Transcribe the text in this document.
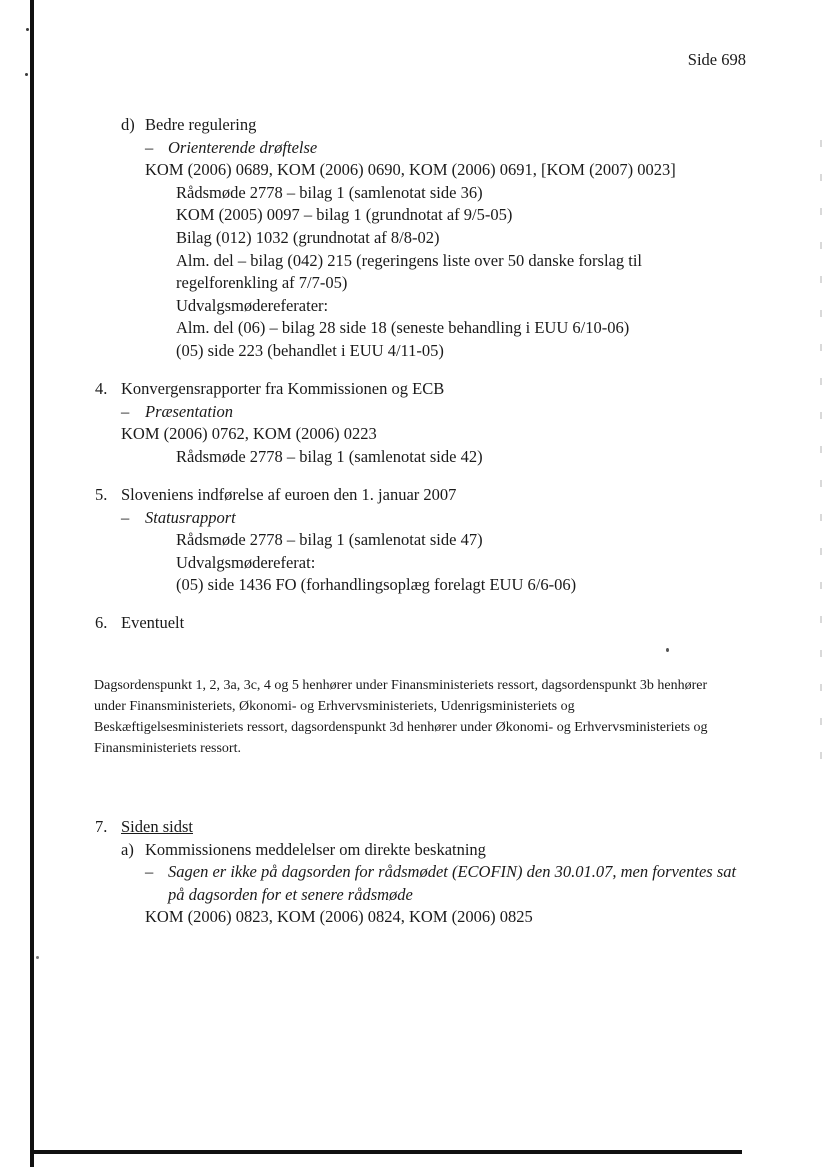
Side 698
d) Bedre regulering
– Orienterende drøftelse
KOM (2006) 0689, KOM (2006) 0690, KOM (2006) 0691, [KOM (2007) 0023]
Rådsmøde 2778 – bilag 1 (samlenotat side 36)
KOM (2005) 0097 – bilag 1 (grundnotat af 9/5-05)
Bilag (012) 1032 (grundnotat af 8/8-02)
Alm. del – bilag (042) 215 (regeringens liste over 50 danske forslag til regelforenkling af 7/7-05)
Udvalgsmødereferater:
Alm. del (06) – bilag 28 side 18 (seneste behandling i EUU 6/10-06)
(05) side 223 (behandlet i EUU 4/11-05)
4. Konvergensrapporter fra Kommissionen og ECB
– Præsentation
KOM (2006) 0762, KOM (2006) 0223
Rådsmøde 2778 – bilag 1 (samlenotat side 42)
5. Sloveniens indførelse af euroen den 1. januar 2007
– Statusrapport
Rådsmøde 2778 – bilag 1 (samlenotat side 47)
Udvalgsmødereferat:
(05) side 1436 FO (forhandlingsoplæg forelagt EUU 6/6-06)
6. Eventuelt
Dagsordenspunkt 1, 2, 3a, 3c, 4 og 5 henhører under Finansministeriets ressort, dagsordenspunkt 3b henhører under Finansministeriets, Økonomi- og Erhvervsministeriets, Udenrigsministeriets og Beskæftigelsesministeriets ressort, dagsordenspunkt 3d henhører under Økonomi- og Erhvervsministeriets og Finansministeriets ressort.
7. Siden sidst
a) Kommissionens meddelelser om direkte beskatning
– Sagen er ikke på dagsorden for rådsmødet (ECOFIN) den 30.01.07, men forventes sat
på dagsorden for et senere rådsmøde
KOM (2006) 0823, KOM (2006) 0824, KOM (2006) 0825
